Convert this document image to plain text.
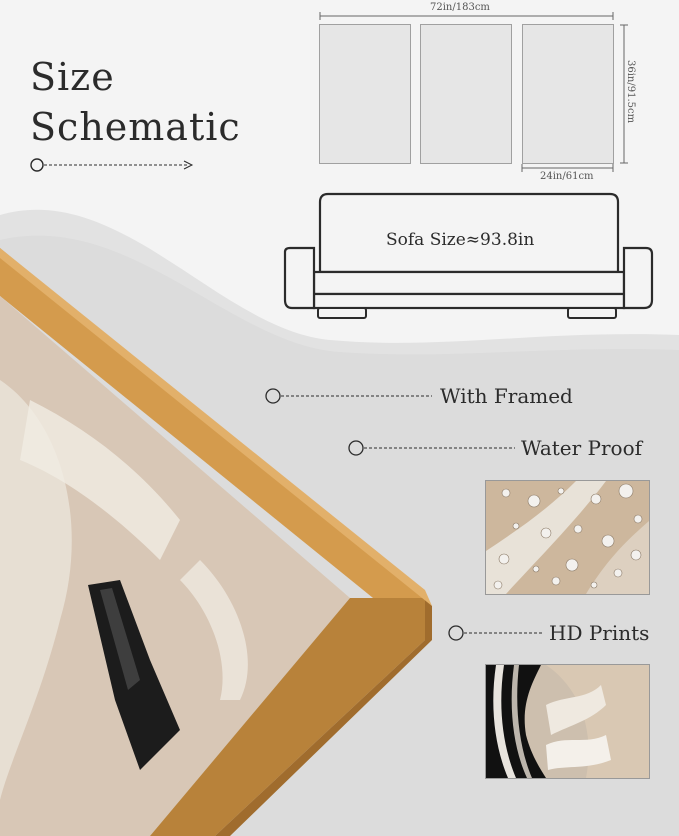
Size
Schematic
72in/183cm
36in/91.5cm
24in/61cm
Sofa Size≈93.8in
With Framed
Water Proof
HD Prints
